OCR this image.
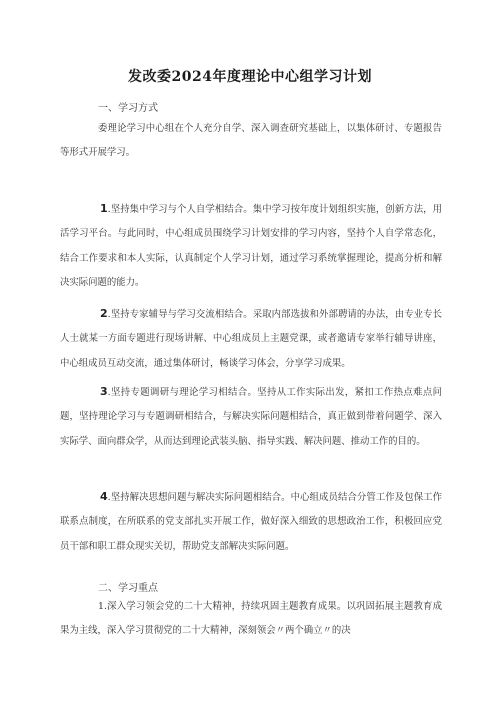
发改委2024年度理论中心组学习计划
一、学习方式

委理论学习中心组在个人充分自学、深入调查研究基础上，以集体研讨、专题报告等形式开展学习。

1.坚持集中学习与个人自学相结合。集中学习按年度计划组织实施，创新方法，用活学习平台。与此同时，中心组成员围绕学习计划安排的学习内容，坚持个人自学常态化，结合工作要求和本人实际，认真制定个人学习计划，通过学习系统掌握理论，提高分析和解决实际问题的能力。

2.坚持专家辅导与学习交流相结合。采取内部选拔和外部聘请的办法，由专业专长人士就某一方面专题进行现场讲解、中心组成员上主题党课，或者邀请专家举行辅导讲座，中心组成员互动交流，通过集体研讨，畅谈学习体会，分享学习成果。

3.坚持专题调研与理论学习相结合。坚持从工作实际出发，紧扣工作热点难点问题，坚持理论学习与专题调研相结合，与解决实际问题相结合，真正做到带着问题学、深入实际学、面向群众学，从而达到理论武装头脑、指导实践、解决问题、推动工作的目的。

4.坚持解决思想问题与解决实际问题相结合。中心组成员结合分管工作及包保工作联系点制度，在所联系的党支部扎实开展工作，做好深入细致的思想政治工作，积极回应党员干部和职工群众现实关切，帮助党支部解决实际问题。

二、学习重点

1.深入学习领会党的二十大精神，持续巩固主题教育成果。以巩固拓展主题教育成果为主线，深入学习贯彻党的二十大精神，深刻领会〃两个确立〃的决
